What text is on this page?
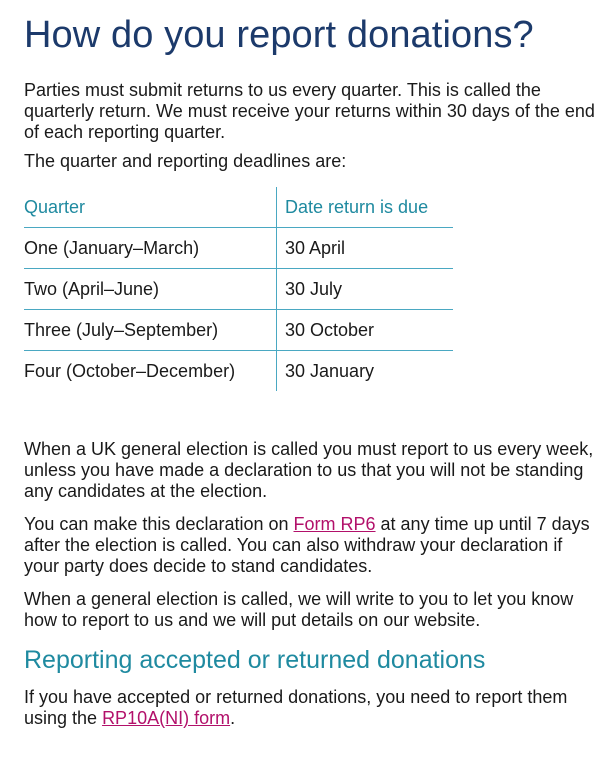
How do you report donations?

Parties must submit returns to us every quarter. This is called the quarterly return. We must receive your returns within 30 days of the end of each reporting quarter.

The quarter and reporting deadlines are:

Quarter	Date return is due
One (January–March)	30 April
Two (April–June)	30 July
Three (July–September)	30 October
Four (October–December)	30 January

When a UK general election is called you must report to us every week, unless you have made a declaration to us that you will not be standing any candidates at the election.

You can make this declaration on Form RP6 at any time up until 7 days after the election is called. You can also withdraw your declaration if your party does decide to stand candidates.

When a general election is called, we will write to you to let you know how to report to us and we will put details on our website.

Reporting accepted or returned donations

If you have accepted or returned donations, you need to report them using the RP10A(NI) form.
